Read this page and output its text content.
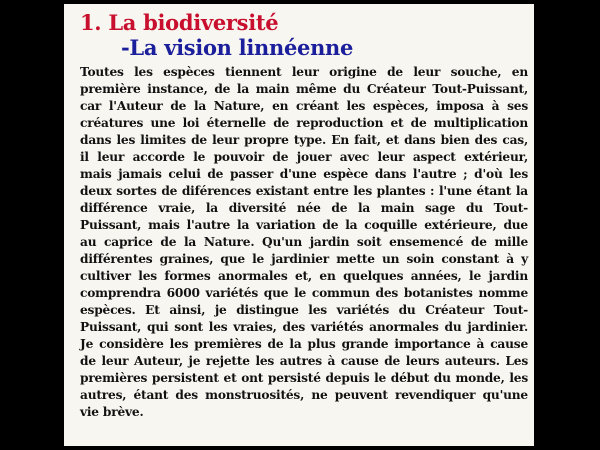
1. La biodiversité
-La vision linnéenne
Toutes les espèces tiennent leur origine de leur souche, en
première instance, de la main même du Créateur Tout-Puissant,
car l'Auteur de la Nature, en créant les espèces, imposa à ses
créatures une loi éternelle de reproduction et de multiplication
dans les limites de leur propre type. En fait, et dans bien des cas,
il leur accorde le pouvoir de jouer avec leur aspect extérieur,
mais jamais celui de passer d'une espèce dans l'autre ; d'où les
deux sortes de diférences existant entre les plantes : l'une étant la
différence vraie, la diversité née de la main sage du Tout-
Puissant, mais l'autre la variation de la coquille extérieure, due
au caprice de la Nature. Qu'un jardin soit ensemencé de mille
différentes graines, que le jardinier mette un soin constant à y
cultiver les formes anormales et, en quelques années, le jardin
comprendra 6000 variétés que le commun des botanistes nomme
espèces. Et ainsi, je distingue les variétés du Créateur Tout-
Puissant, qui sont les vraies, des variétés anormales du jardinier.
Je considère les premières de la plus grande importance à cause
de leur Auteur, je rejette les autres à cause de leurs auteurs. Les
premières persistent et ont persisté depuis le début du monde, les
autres, étant des monstruosités, ne peuvent revendiquer qu'une
vie brève.
